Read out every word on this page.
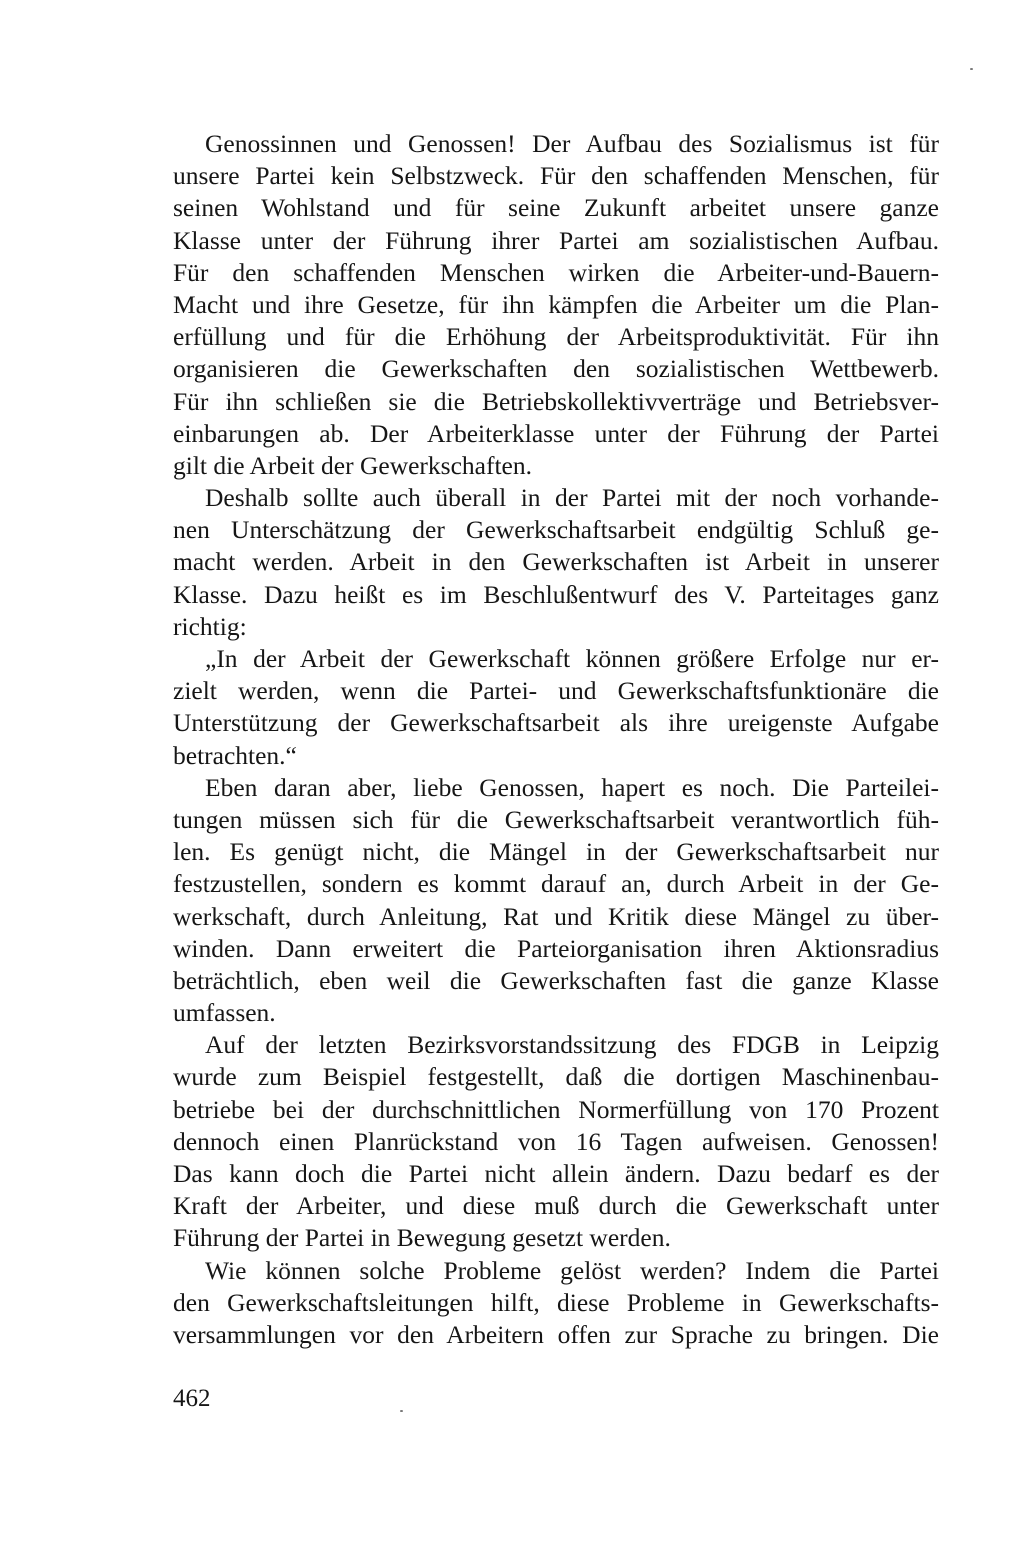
Genossinnen und Genossen! Der Aufbau des Sozialismus ist für
unsere Partei kein Selbstzweck. Für den schaffenden Menschen, für
seinen Wohlstand und für seine Zukunft arbeitet unsere ganze
Klasse unter der Führung ihrer Partei am sozialistischen Aufbau.
Für den schaffenden Menschen wirken die Arbeiter-und-Bauern-
Macht und ihre Gesetze, für ihn kämpfen die Arbeiter um die Plan-
erfüllung und für die Erhöhung der Arbeitsproduktivität. Für ihn
organisieren die Gewerkschaften den sozialistischen Wettbewerb.
Für ihn schließen sie die Betriebskollektivverträge und Betriebsver-
einbarungen ab. Der Arbeiterklasse unter der Führung der Partei
gilt die Arbeit der Gewerkschaften.
Deshalb sollte auch überall in der Partei mit der noch vorhande-
nen Unterschätzung der Gewerkschaftsarbeit endgültig Schluß ge-
macht werden. Arbeit in den Gewerkschaften ist Arbeit in unserer
Klasse. Dazu heißt es im Beschlußentwurf des V. Parteitages ganz
richtig:
„In der Arbeit der Gewerkschaft können größere Erfolge nur er-
zielt werden, wenn die Partei- und Gewerkschaftsfunktionäre die
Unterstützung der Gewerkschaftsarbeit als ihre ureigenste Aufgabe
betrachten.“
Eben daran aber, liebe Genossen, hapert es noch. Die Parteilei-
tungen müssen sich für die Gewerkschaftsarbeit verantwortlich füh-
len. Es genügt nicht, die Mängel in der Gewerkschaftsarbeit nur
festzustellen, sondern es kommt darauf an, durch Arbeit in der Ge-
werkschaft, durch Anleitung, Rat und Kritik diese Mängel zu über-
winden. Dann erweitert die Parteiorganisation ihren Aktionsradius
beträchtlich, eben weil die Gewerkschaften fast die ganze Klasse
umfassen.
Auf der letzten Bezirksvorstandssitzung des FDGB in Leipzig
wurde zum Beispiel festgestellt, daß die dortigen Maschinenbau-
betriebe bei der durchschnittlichen Normerfüllung von 170 Prozent
dennoch einen Planrückstand von 16 Tagen aufweisen. Genossen!
Das kann doch die Partei nicht allein ändern. Dazu bedarf es der
Kraft der Arbeiter, und diese muß durch die Gewerkschaft unter
Führung der Partei in Bewegung gesetzt werden.
Wie können solche Probleme gelöst werden? Indem die Partei
den Gewerkschaftsleitungen hilft, diese Probleme in Gewerkschafts-
versammlungen vor den Arbeitern offen zur Sprache zu bringen. Die
462
